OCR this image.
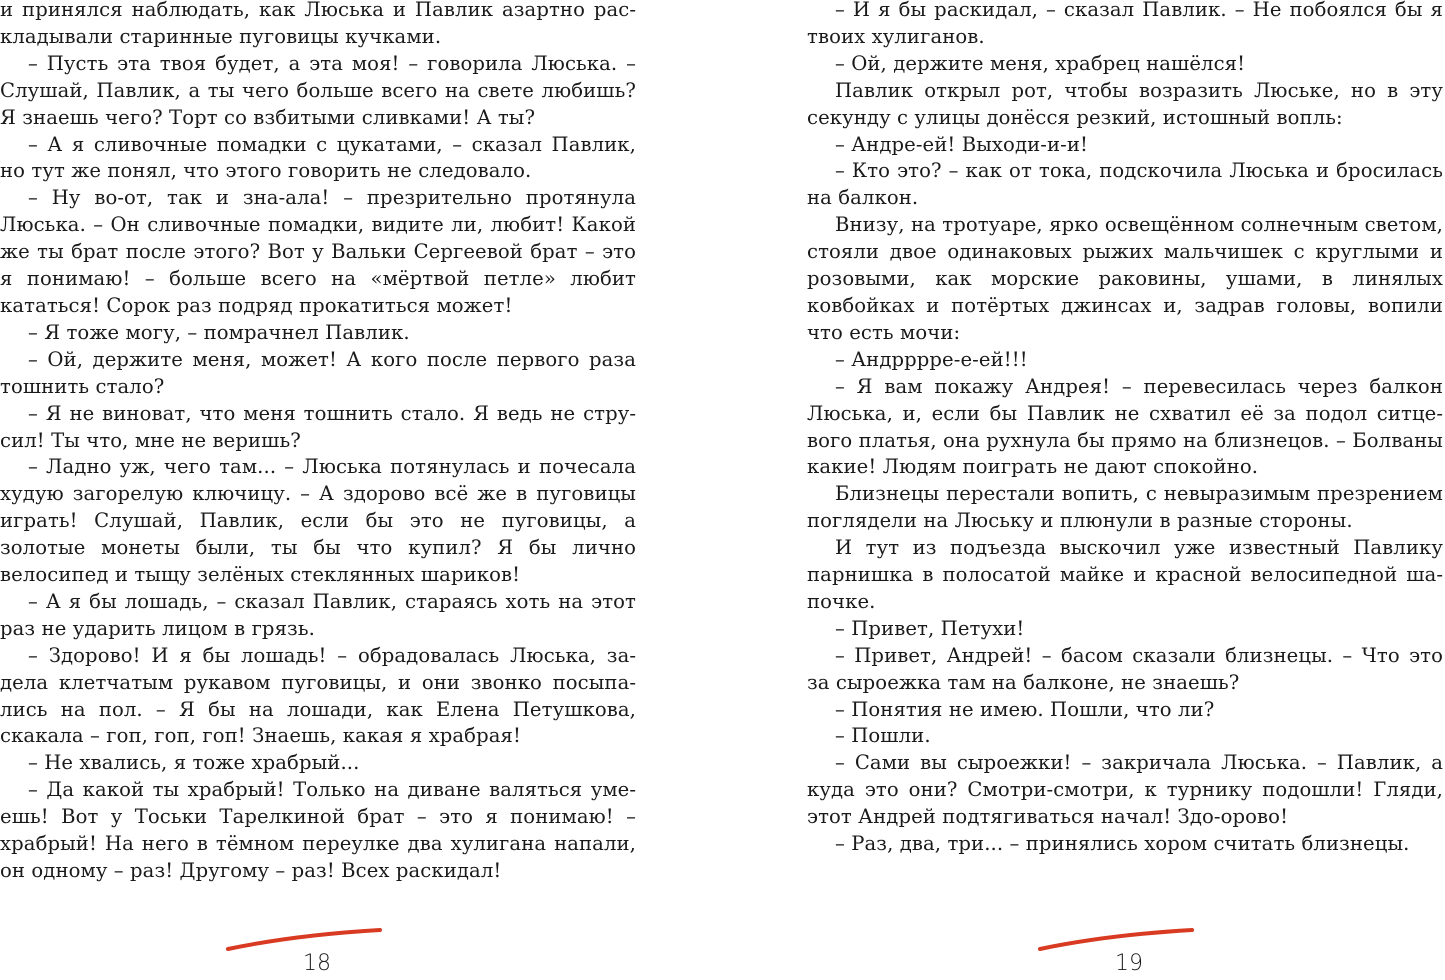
и принялся наблюдать, как Люська и Павлик азартно раскладывали старинные пуговицы кучками.

– Пусть эта твоя будет, а эта моя! – говорила Люська. – Слушай, Павлик, а ты чего больше всего на свете любишь? Я знаешь чего? Торт со взбитыми сливками! А ты?

– А я сливочные помадки с цукатами, – сказал Павлик, но тут же понял, что этого говорить не следовало.

– Ну во-от, так и зна-ала! – презрительно протянула Люська. – Он сливочные помадки, видите ли, любит! Какой же ты брат после этого? Вот у Вальки Сергеевой брат – это я понимаю! – больше всего на «мёртвой петле» любит кататься! Сорок раз подряд прокатиться может!

– Я тоже могу, – помрачнел Павлик.

– Ой, держите меня, может! А кого после первого раза тошнить стало?

– Я не виноват, что меня тошнить стало. Я ведь не струсил! Ты что, мне не веришь?

– Ладно уж, чего там... – Люська потянулась и почесала худую загорелую ключицу. – А здорово всё же в пуговицы играть! Слушай, Павлик, если бы это не пуговицы, а золотые монеты были, ты бы что купил? Я бы лично велосипед и тыщу зелёных стеклянных шариков!

– А я бы лошадь, – сказал Павлик, стараясь хоть на этот раз не ударить лицом в грязь.

– Здорово! И я бы лошадь! – обрадовалась Люська, задела клетчатым рукавом пуговицы, и они звонко посыпались на пол. – Я бы на лошади, как Елена Петушкова, скакала – гоп, гоп, гоп! Знаешь, какая я храбрая!

– Не хвались, я тоже храбрый...

– Да какой ты храбрый! Только на диване валяться умеешь! Вот у Тоськи Тарелкиной брат – это я понимаю! – храбрый! На него в тёмном переулке два хулигана напали, он одному – раз! Другому – раз! Всех раскидал!

18

– И я бы раскидал, – сказал Павлик. – Не побоялся бы я твоих хулиганов.

– Ой, держите меня, храбрец нашёлся!

Павлик открыл рот, чтобы возразить Люське, но в эту секунду с улицы донёсся резкий, истошный вопль:

– Андре-ей! Выходи-и-и!

– Кто это? – как от тока, подскочила Люська и бросилась на балкон.

Внизу, на тротуаре, ярко освещённом солнечным светом, стояли двое одинаковых рыжих мальчишек с круглыми и розовыми, как морские раковины, ушами, в линялых ковбойках и потёртых джинсах и, задрав головы, вопили что есть мочи:

– Андрррре-е-ей!!!

– Я вам покажу Андрея! – перевесилась через балкон Люська, и, если бы Павлик не схватил её за подол ситцевого платья, она рухнула бы прямо на близнецов. – Болваны какие! Людям поиграть не дают спокойно.

Близнецы перестали вопить, с невыразимым презрением поглядели на Люську и плюнули в разные стороны.

И тут из подъезда выскочил уже известный Павлику парнишка в полосатой майке и красной велосипедной шапочке.

– Привет, Петухи!

– Привет, Андрей! – басом сказали близнецы. – Что это за сыроежка там на балконе, не знаешь?

– Понятия не имею. Пошли, что ли?

– Пошли.

– Сами вы сыроежки! – закричала Люська. – Павлик, а куда это они? Смотри-смотри, к турнику подошли! Гляди, этот Андрей подтягиваться начал! Здо-орово!

– Раз, два, три... – принялись хором считать близнецы.

19
